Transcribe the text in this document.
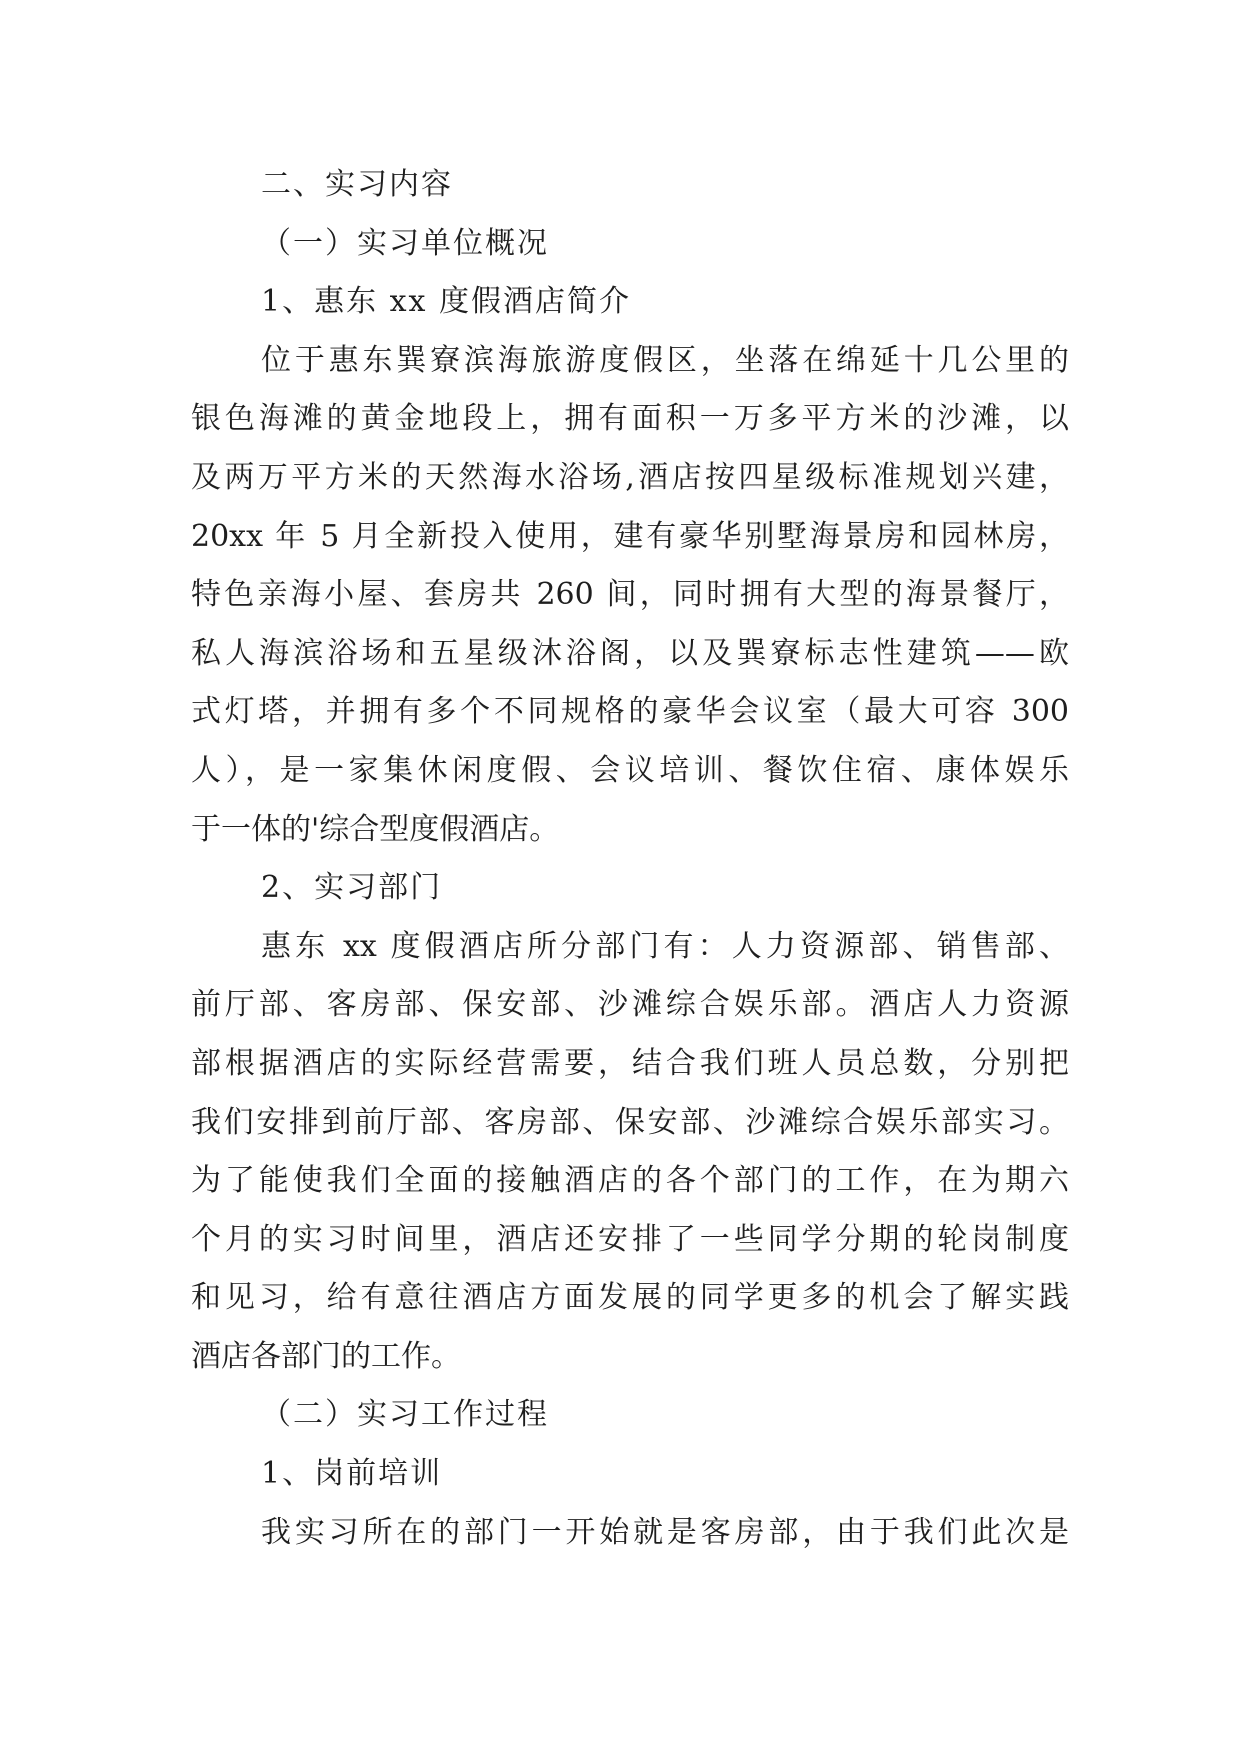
二、实习内容
（一）实习单位概况
1、惠东 xx 度假酒店简介
位于惠东巽寮滨海旅游度假区，坐落在绵延十几公里的
银色海滩的黄金地段上，拥有面积一万多平方米的沙滩，以
及两万平方米的天然海水浴场,酒店按四星级标准规划兴建，
20xx 年 5 月全新投入使用，建有豪华别墅海景房和园林房，
特色亲海小屋、套房共 260 间，同时拥有大型的海景餐厅，
私人海滨浴场和五星级沐浴阁，以及巽寮标志性建筑——欧
式灯塔，并拥有多个不同规格的豪华会议室（最大可容 300
人），是一家集休闲度假、会议培训、餐饮住宿、康体娱乐
于一体的'综合型度假酒店。
2、实习部门
惠东 xx 度假酒店所分部门有：人力资源部、销售部、
前厅部、客房部、保安部、沙滩综合娱乐部。酒店人力资源
部根据酒店的实际经营需要，结合我们班人员总数，分别把
我们安排到前厅部、客房部、保安部、沙滩综合娱乐部实习。
为了能使我们全面的接触酒店的各个部门的工作，在为期六
个月的实习时间里，酒店还安排了一些同学分期的轮岗制度
和见习，给有意往酒店方面发展的同学更多的机会了解实践
酒店各部门的工作。
（二）实习工作过程
1、岗前培训
我实习所在的部门一开始就是客房部，由于我们此次是
